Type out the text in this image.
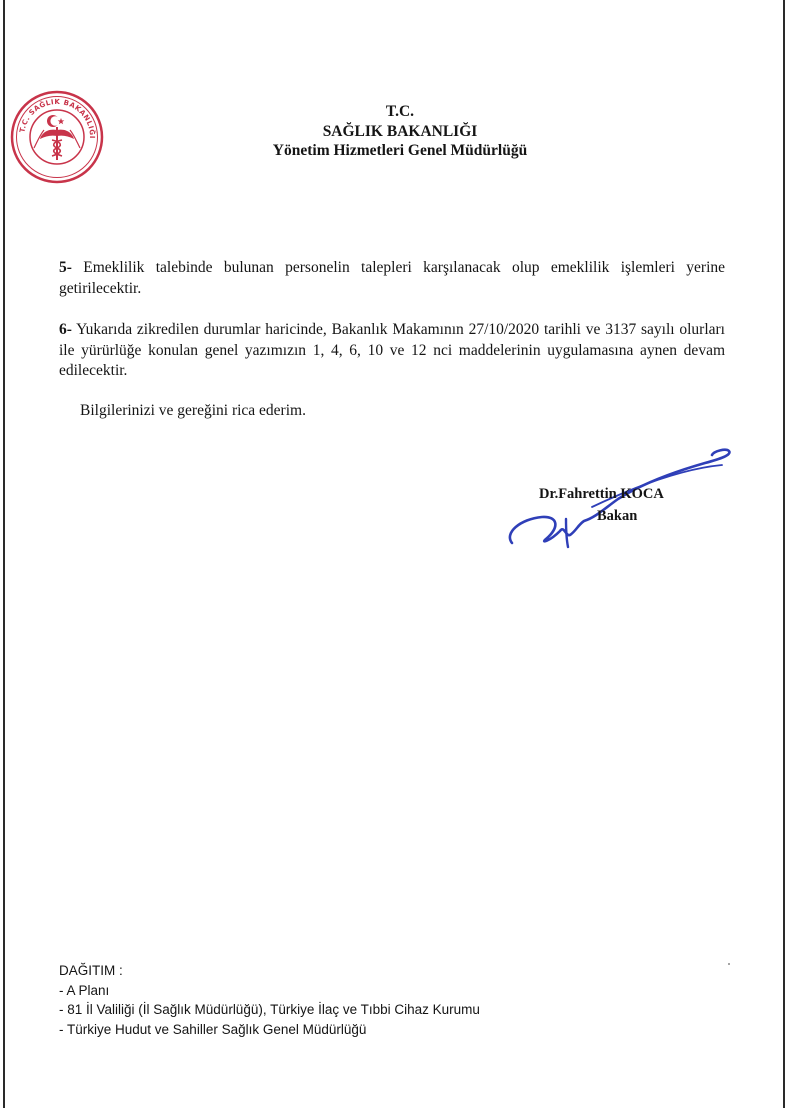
T.C. SAĞLIK BAKANLIĞI
T.C.
SAĞLIK BAKANLIĞI
Yönetim Hizmetleri Genel Müdürlüğü
5- Emeklilik talebinde bulunan personelin talepleri karşılanacak olup emeklilik işlemleri yerine getirilecektir.
6- Yukarıda zikredilen durumlar haricinde, Bakanlık Makamının 27/10/2020 tarihli ve 3137 sayılı olurları ile yürürlüğe konulan genel yazımızın 1, 4, 6, 10 ve 12 nci maddelerinin uygulamasına aynen devam edilecektir.
Bilgilerinizi ve gereğini rica ederim.
Dr.Fahrettin KOCA
Bakan
DAĞITIM :
- A Planı
- 81 İl Valiliği (İl Sağlık Müdürlüğü), Türkiye İlaç ve Tıbbi Cihaz Kurumu
- Türkiye Hudut ve Sahiller Sağlık Genel Müdürlüğü
